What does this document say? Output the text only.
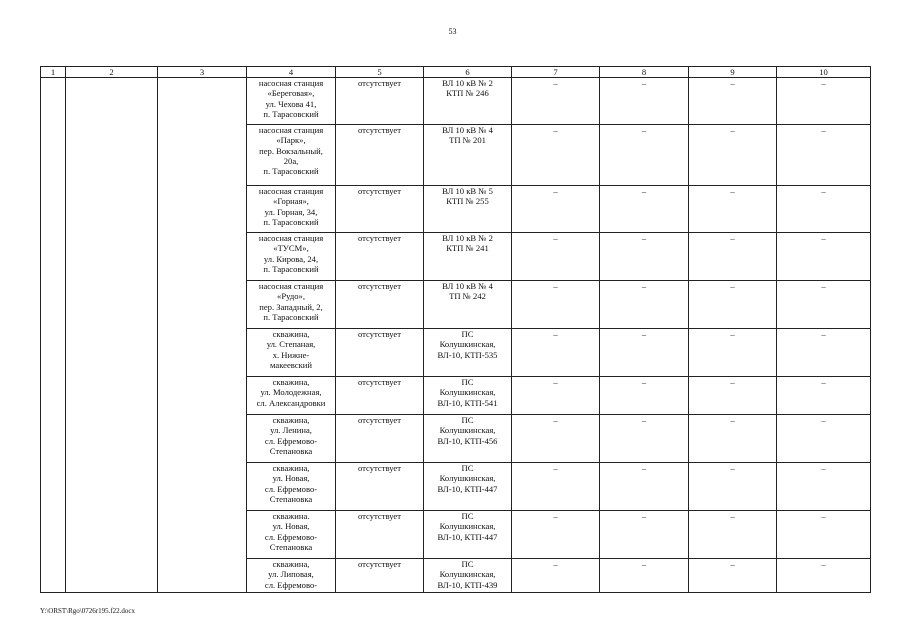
53
1	2	3	4	5	6	7	8	9	10

			насосная станция
«Береговая»,
ул. Чехова 41,
п. Тарасовский	отсутствует	ВЛ 10 кВ № 2
КТП № 246	–	–	–	–

			насосная станция
«Парк»,
пер. Вокзальный,
20а,
п. Тарасовский	отсутствует	ВЛ 10 кВ № 4
ТП № 201	–	–	–	–

			насосная станция
«Горная»,
ул. Горная, 34,
п. Тарасовский	отсутствует	ВЛ 10 кВ № 5
КТП № 255	–	–	–	–

			насосная станция
«ТУСМ»,
ул. Кирова, 24,
п. Тарасовский	отсутствует	ВЛ 10 кВ № 2
КТП № 241	–	–	–	–

			насосная станция
«Рудо»,
пер. Западный, 2,
п. Тарасовский	отсутствует	ВЛ 10 кВ № 4
ТП № 242	–	–	–	–

			скважина,
ул. Степаная,
х. Нижне-
макеевский	отсутствует	ПС
Колушкинская,
ВЛ-10, КТП-535	–	–	–	–

			скважина,
ул. Молодежная,
сл. Александровки	отсутствует	ПС
Колушкинская,
ВЛ-10, КТП-541	–	–	–	–

			скважина,
ул. Ленина,
сл. Ефремово-
Степановка	отсутствует	ПС
Колушкинская,
ВЛ-10, КТП-456	–	–	–	–

			скважина,
ул. Новая,
сл. Ефремово-
Степановка	отсутствует	ПС
Колушкинская,
ВЛ-10, КТП-447	–	–	–	–

			скважина.
ул. Новая,
сл. Ефремово-
Степановка	отсутствует	ПС
Колушкинская,
ВЛ-10, КТП-447	–	–	–	–

			скважина,
ул. Липовая,
сл. Ефремово-	отсутствует	ПС
Колушкинская,
ВЛ-10, КТП-439	–	–	–	–
Y:\ORST\Rgo\0726r195.f22.docx
